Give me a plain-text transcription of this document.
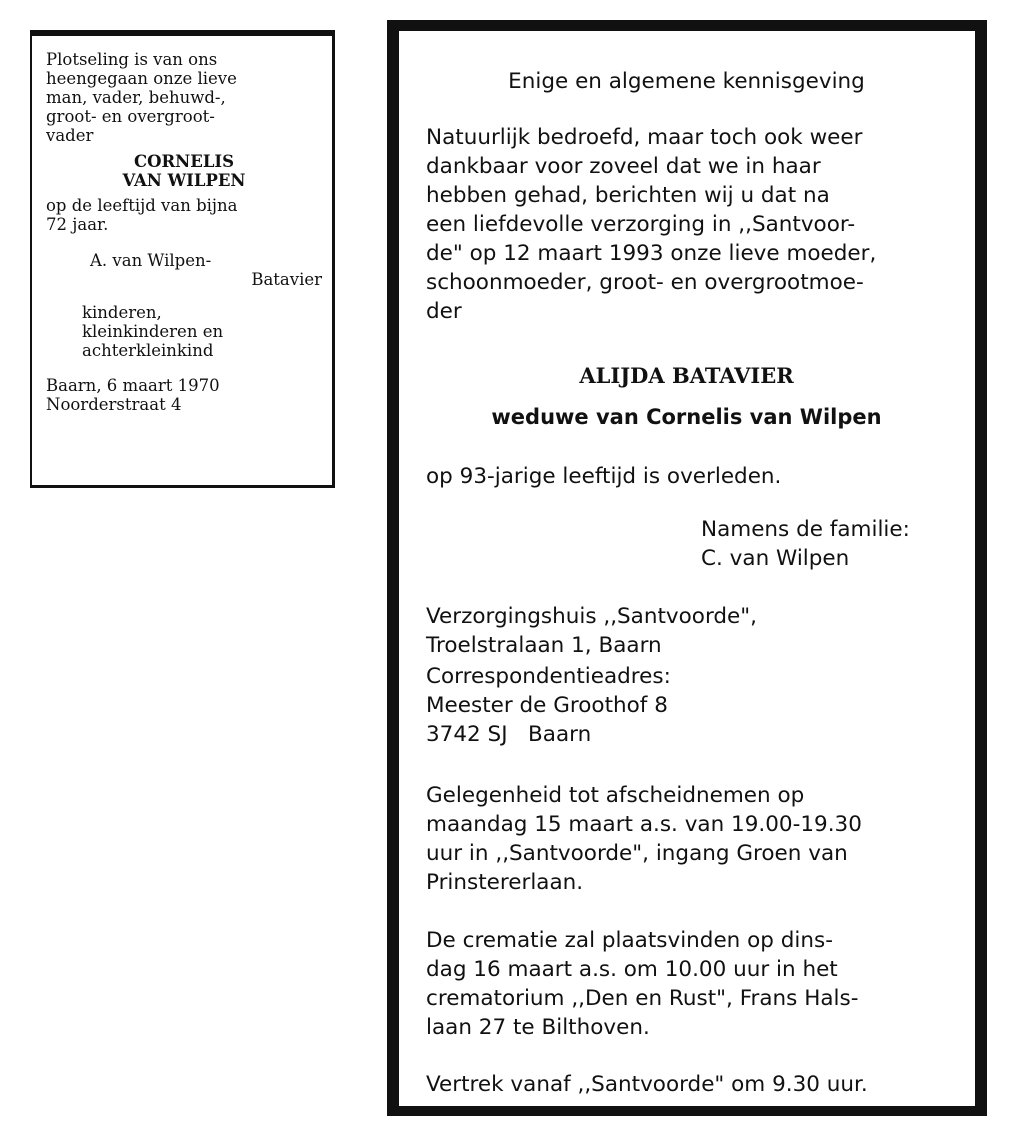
Plotseling is van ons
heengegaan onze lieve
man, vader, behuwd-,
groot- en overgroot-
vader
CORNELIS
VAN WILPEN
op de leeftijd van bijna
72 jaar.
A. van Wilpen-
Batavier
kinderen,
kleinkinderen en
achterkleinkind
Baarn, 6 maart 1970
Noorderstraat 4
Enige en algemene kennisgeving
Natuurlijk bedroefd, maar toch ook weer
dankbaar voor zoveel dat we in haar
hebben gehad, berichten wij u dat na
een liefdevolle verzorging in ,,Santvoor-
de" op 12 maart 1993 onze lieve moeder,
schoonmoeder, groot- en overgrootmoe-
der
ALIJDA BATAVIER
weduwe van Cornelis van Wilpen
op 93-jarige leeftijd is overleden.
Namens de familie:
C. van Wilpen
Verzorgingshuis ,,Santvoorde",
Troelstralaan 1, Baarn
Correspondentieadres:
Meester de Groothof 8
3742 SJ   Baarn
Gelegenheid tot afscheidnemen op
maandag 15 maart a.s. van 19.00-19.30
uur in ,,Santvoorde", ingang Groen van
Prinstererlaan.
De crematie zal plaatsvinden op dins-
dag 16 maart a.s. om 10.00 uur in het
crematorium ,,Den en Rust", Frans Hals-
laan 27 te Bilthoven.
Vertrek vanaf ,,Santvoorde" om 9.30 uur.
